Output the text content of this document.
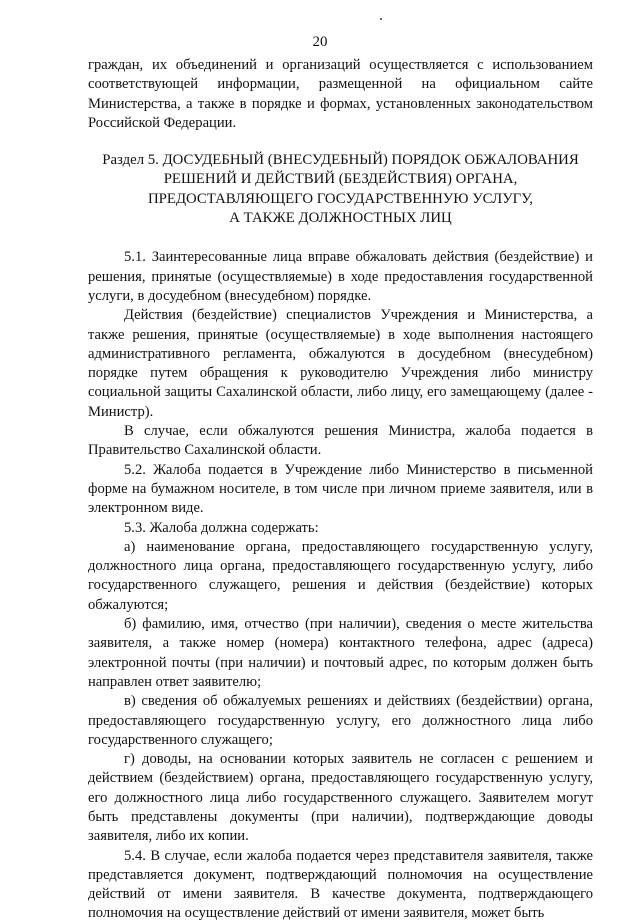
20

граждан, их объединений и организаций осуществляется с использованием соответствующей информации, размещенной на официальном сайте Министерства, а также в порядке и формах, установленных законодательством Российской Федерации.

Раздел 5. ДОСУДЕБНЫЙ (ВНЕСУДЕБНЫЙ) ПОРЯДОК ОБЖАЛОВАНИЯ
РЕШЕНИЙ И ДЕЙСТВИЙ (БЕЗДЕЙСТВИЯ) ОРГАНА,
ПРЕДОСТАВЛЯЮЩЕГО ГОСУДАРСТВЕННУЮ УСЛУГУ,
А ТАКЖЕ ДОЛЖНОСТНЫХ ЛИЦ

5.1. Заинтересованные лица вправе обжаловать действия (бездействие) и решения, принятые (осуществляемые) в ходе предоставления государственной услуги, в досудебном (внесудебном) порядке.

Действия (бездействие) специалистов Учреждения и Министерства, а также решения, принятые (осуществляемые) в ходе выполнения настоящего административного регламента, обжалуются в досудебном (внесудебном) порядке путем обращения к руководителю Учреждения либо министру социальной защиты Сахалинской области, либо лицу, его замещающему (далее - Министр).

В случае, если обжалуются решения Министра, жалоба подается в Правительство Сахалинской области.

5.2. Жалоба подается в Учреждение либо Министерство в письменной форме на бумажном носителе, в том числе при личном приеме заявителя, или в электронном виде.

5.3. Жалоба должна содержать:

а) наименование органа, предоставляющего государственную услугу, должностного лица органа, предоставляющего государственную услугу, либо государственного служащего, решения и действия (бездействие) которых обжалуются;

б) фамилию, имя, отчество (при наличии), сведения о месте жительства заявителя, а также номер (номера) контактного телефона, адрес (адреса) электронной почты (при наличии) и почтовый адрес, по которым должен быть направлен ответ заявителю;

в) сведения об обжалуемых решениях и действиях (бездействии) органа, предоставляющего государственную услугу, его должностного лица либо государственного служащего;

г) доводы, на основании которых заявитель не согласен с решением и действием (бездействием) органа, предоставляющего государственную услугу, его должностного лица либо государственного служащего. Заявителем могут быть представлены документы (при наличии), подтверждающие доводы заявителя, либо их копии.

5.4. В случае, если жалоба подается через представителя заявителя, также представляется документ, подтверждающий полномочия на осуществление действий от имени заявителя. В качестве документа, подтверждающего полномочия на осуществление действий от имени заявителя, может быть
